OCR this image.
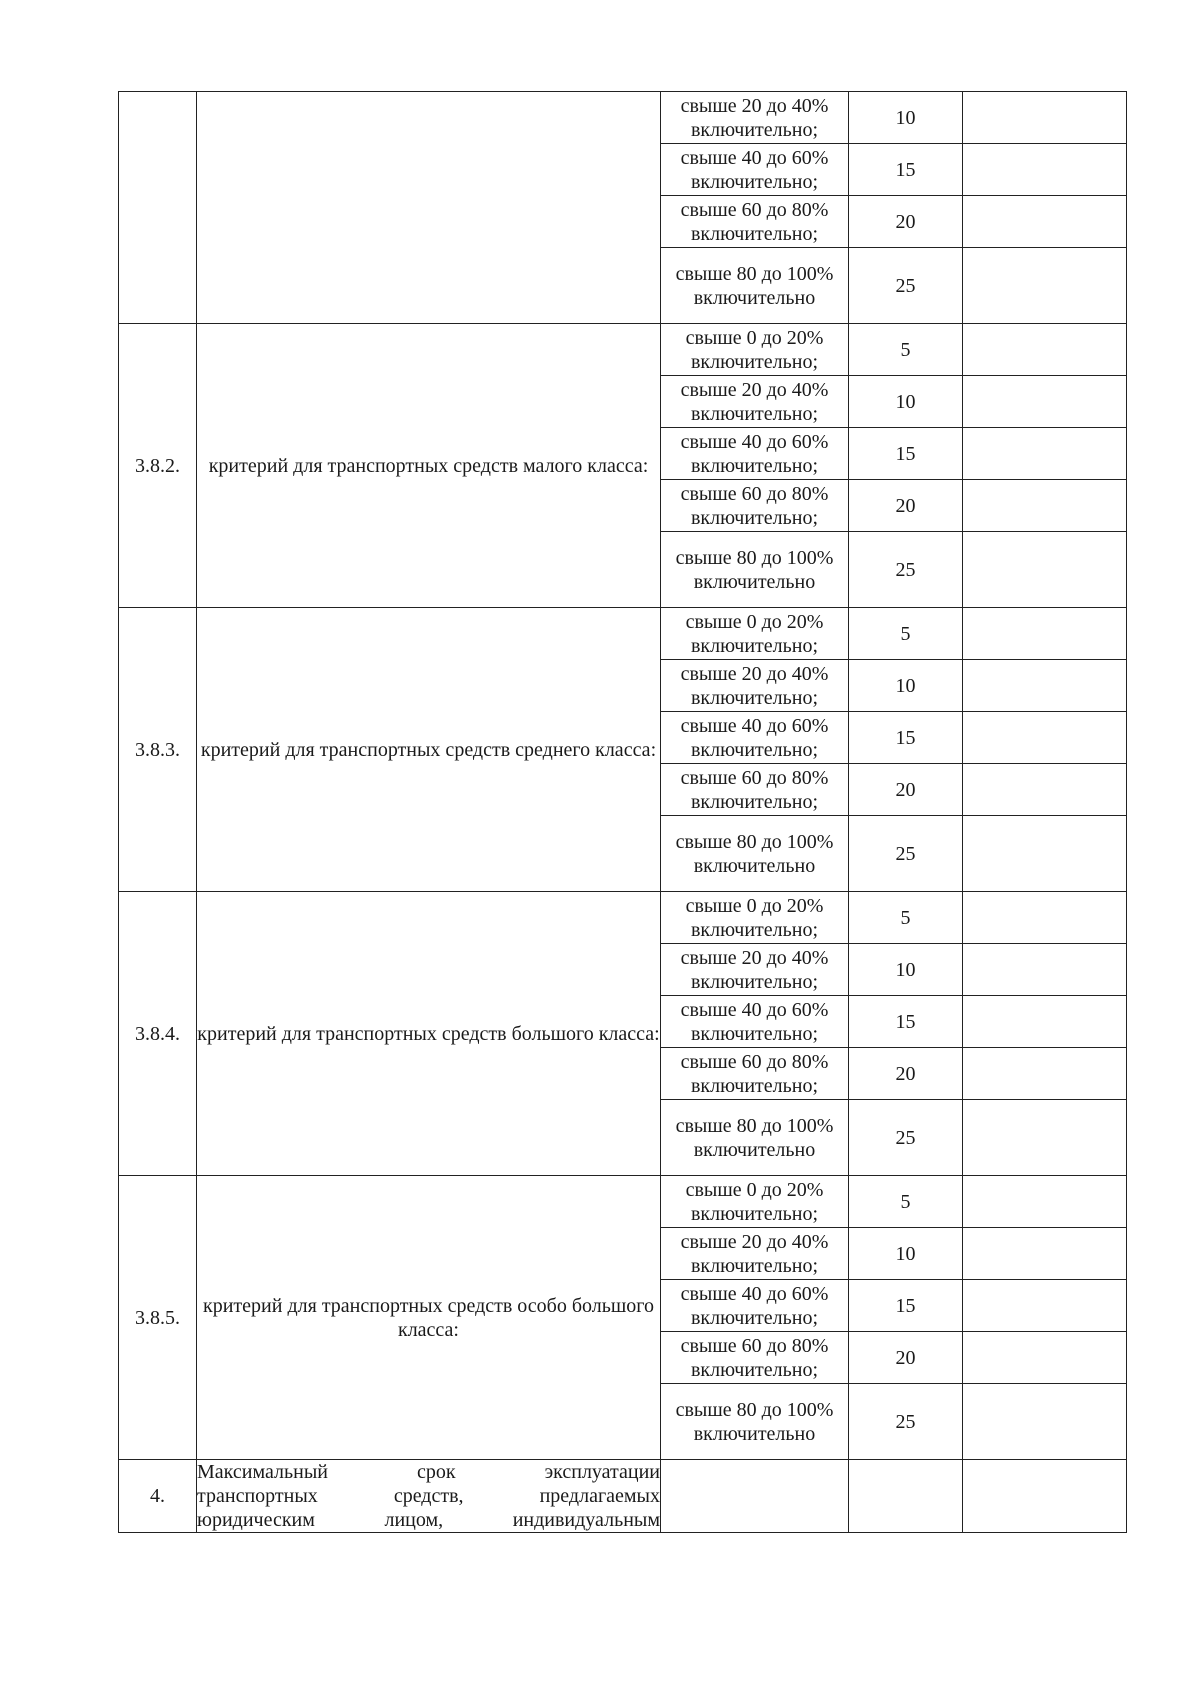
		свыше 20 до 40% включительно;	10	
		свыше 40 до 60% включительно;	15	
		свыше 60 до 80% включительно;	20	
		свыше 80 до 100% включительно	25	
3.8.2.	критерий для транспортных средств малого класса:	свыше 0 до 20% включительно;	5	
		свыше 20 до 40% включительно;	10	
		свыше 40 до 60% включительно;	15	
		свыше 60 до 80% включительно;	20	
		свыше 80 до 100% включительно	25	
3.8.3.	критерий для транспортных средств среднего класса:	свыше 0 до 20% включительно;	5	
		свыше 20 до 40% включительно;	10	
		свыше 40 до 60% включительно;	15	
		свыше 60 до 80% включительно;	20	
		свыше 80 до 100% включительно	25	
3.8.4.	критерий для транспортных средств большого класса:	свыше 0 до 20% включительно;	5	
		свыше 20 до 40% включительно;	10	
		свыше 40 до 60% включительно;	15	
		свыше 60 до 80% включительно;	20	
		свыше 80 до 100% включительно	25	
3.8.5.	критерий для транспортных средств особо большого класса:	свыше 0 до 20% включительно;	5	
		свыше 20 до 40% включительно;	10	
		свыше 40 до 60% включительно;	15	
		свыше 60 до 80% включительно;	20	
		свыше 80 до 100% включительно	25	
4.	Максимальный срок эксплуатации
транспортных средств, предлагаемых
юридическим лицом, индивидуальным			
